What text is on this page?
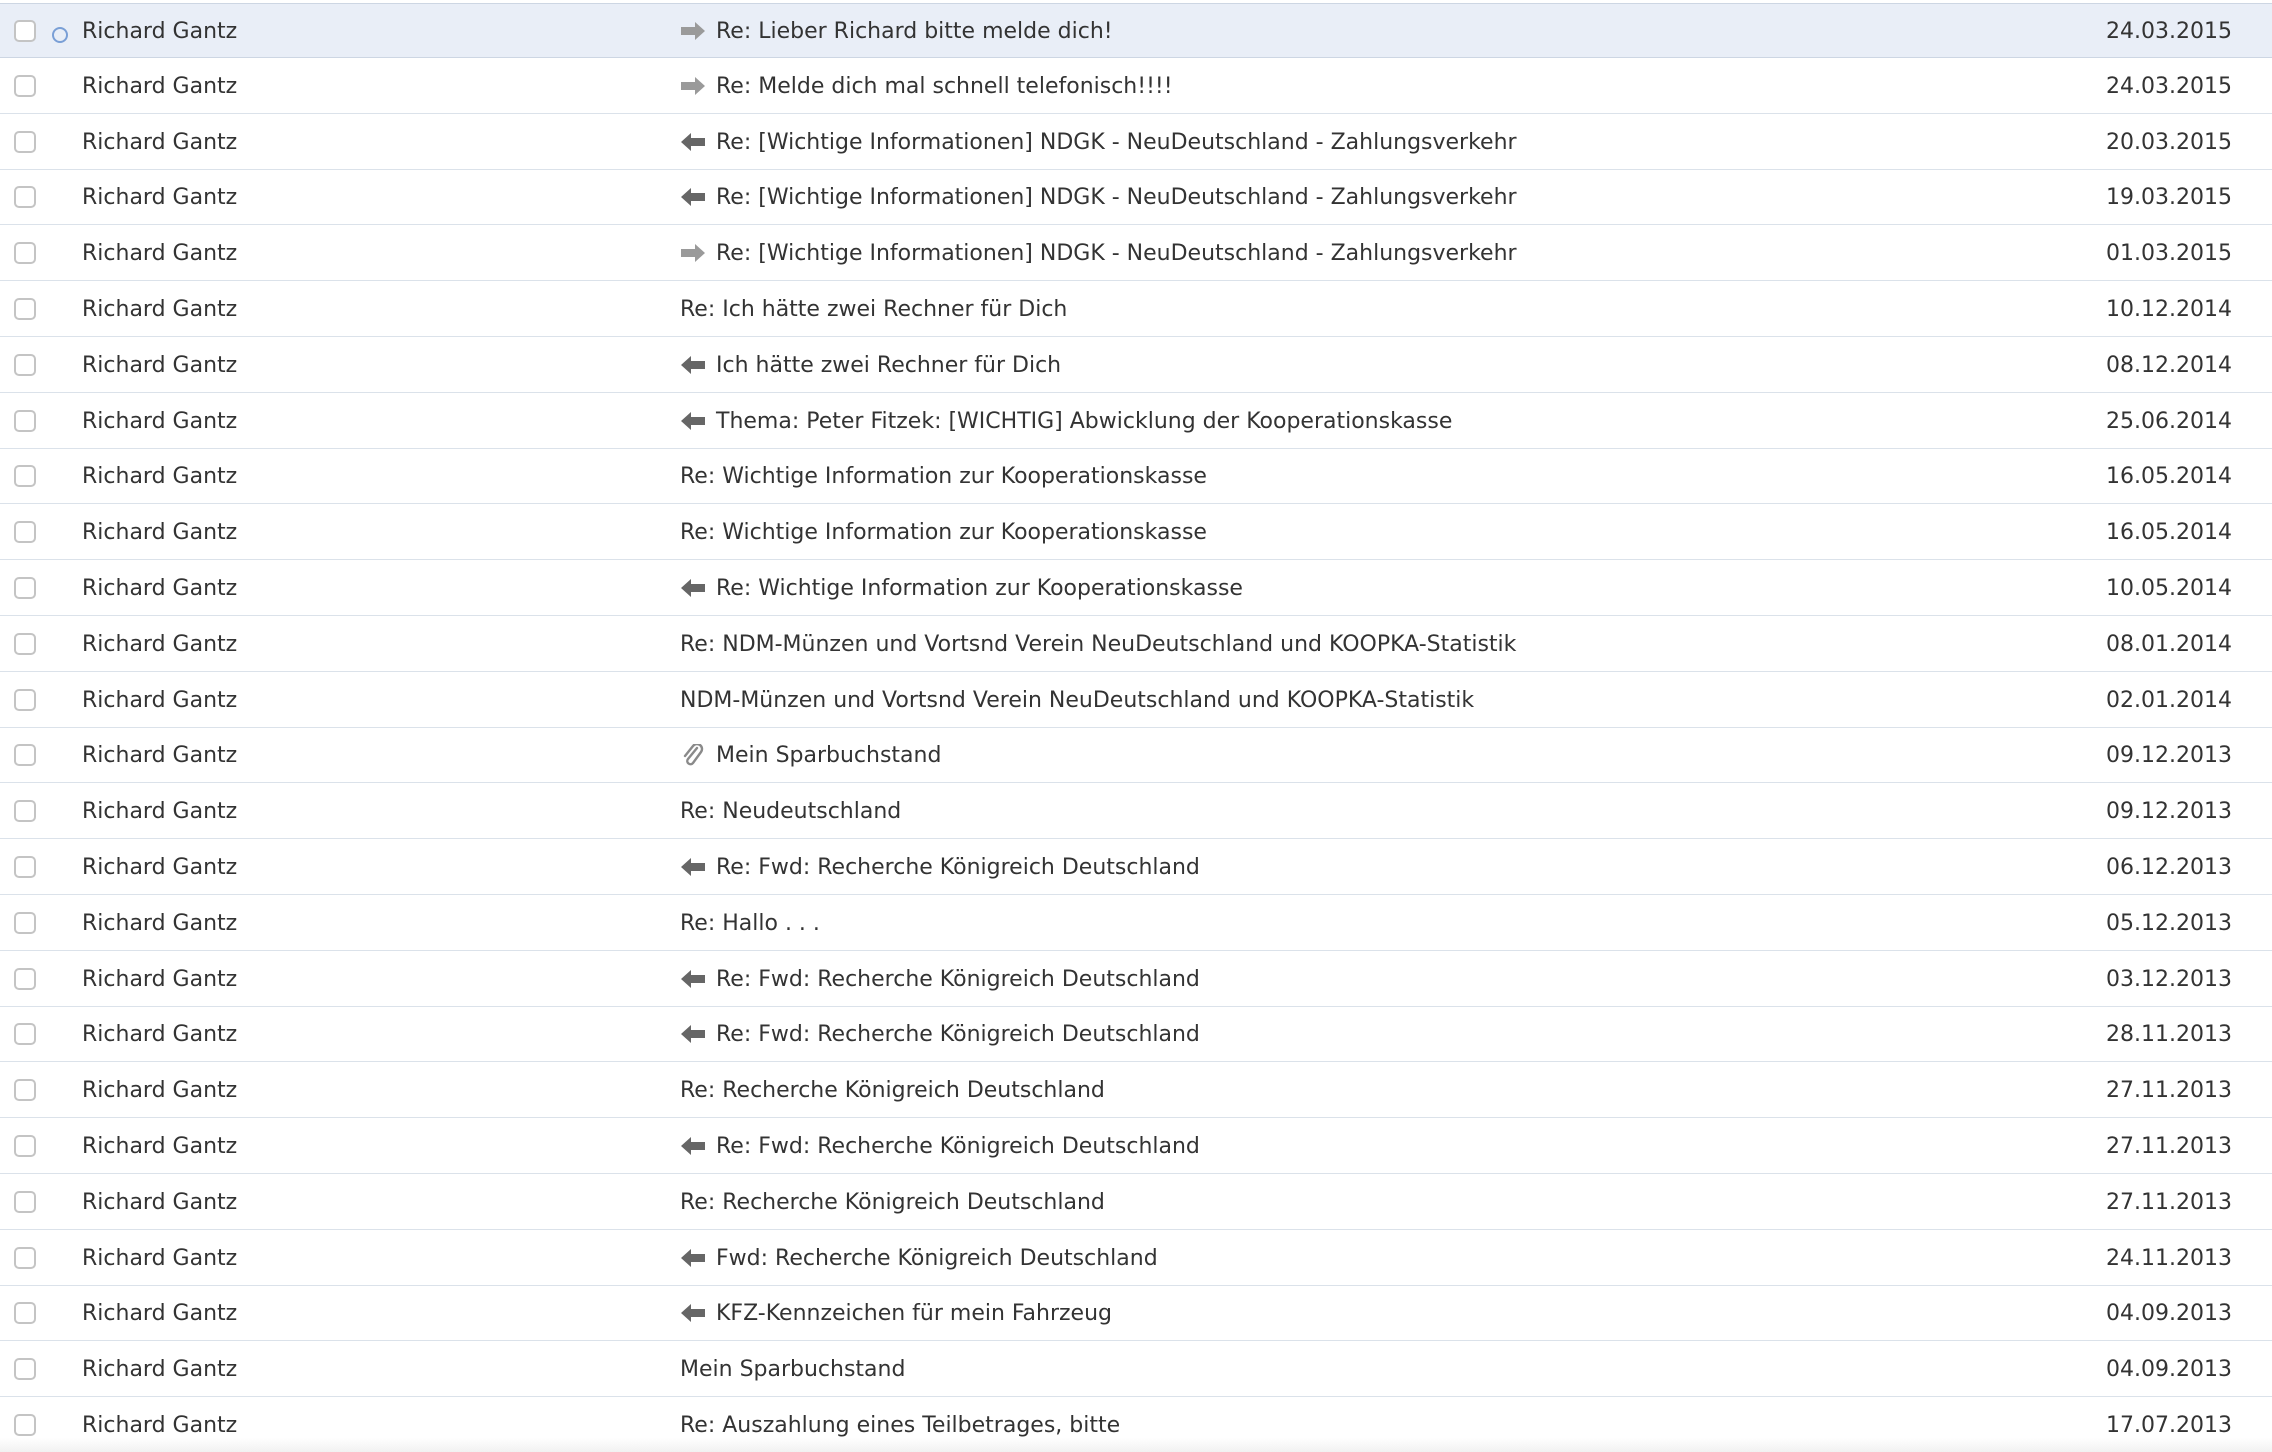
Richard Gantz	Re: Lieber Richard bitte melde dich!	24.03.2015
Richard Gantz	Re: Melde dich mal schnell telefonisch!!!!	24.03.2015
Richard Gantz	Re: [Wichtige Informationen] NDGK - NeuDeutschland - Zahlungsverkehr	20.03.2015
Richard Gantz	Re: [Wichtige Informationen] NDGK - NeuDeutschland - Zahlungsverkehr	19.03.2015
Richard Gantz	Re: [Wichtige Informationen] NDGK - NeuDeutschland - Zahlungsverkehr	01.03.2015
Richard Gantz	Re: Ich hätte zwei Rechner für Dich	10.12.2014
Richard Gantz	Ich hätte zwei Rechner für Dich	08.12.2014
Richard Gantz	Thema: Peter Fitzek: [WICHTIG] Abwicklung der Kooperationskasse	25.06.2014
Richard Gantz	Re: Wichtige Information zur Kooperationskasse	16.05.2014
Richard Gantz	Re: Wichtige Information zur Kooperationskasse	16.05.2014
Richard Gantz	Re: Wichtige Information zur Kooperationskasse	10.05.2014
Richard Gantz	Re: NDM-Münzen und Vortsnd Verein NeuDeutschland und KOOPKA-Statistik	08.01.2014
Richard Gantz	NDM-Münzen und Vortsnd Verein NeuDeutschland und KOOPKA-Statistik	02.01.2014
Richard Gantz	Mein Sparbuchstand	09.12.2013
Richard Gantz	Re: Neudeutschland	09.12.2013
Richard Gantz	Re: Fwd: Recherche Königreich Deutschland	06.12.2013
Richard Gantz	Re: Hallo . . .	05.12.2013
Richard Gantz	Re: Fwd: Recherche Königreich Deutschland	03.12.2013
Richard Gantz	Re: Fwd: Recherche Königreich Deutschland	28.11.2013
Richard Gantz	Re: Recherche Königreich Deutschland	27.11.2013
Richard Gantz	Re: Fwd: Recherche Königreich Deutschland	27.11.2013
Richard Gantz	Re: Recherche Königreich Deutschland	27.11.2013
Richard Gantz	Fwd: Recherche Königreich Deutschland	24.11.2013
Richard Gantz	KFZ-Kennzeichen für mein Fahrzeug	04.09.2013
Richard Gantz	Mein Sparbuchstand	04.09.2013
Richard Gantz	Re: Auszahlung eines Teilbetrages, bitte	17.07.2013
